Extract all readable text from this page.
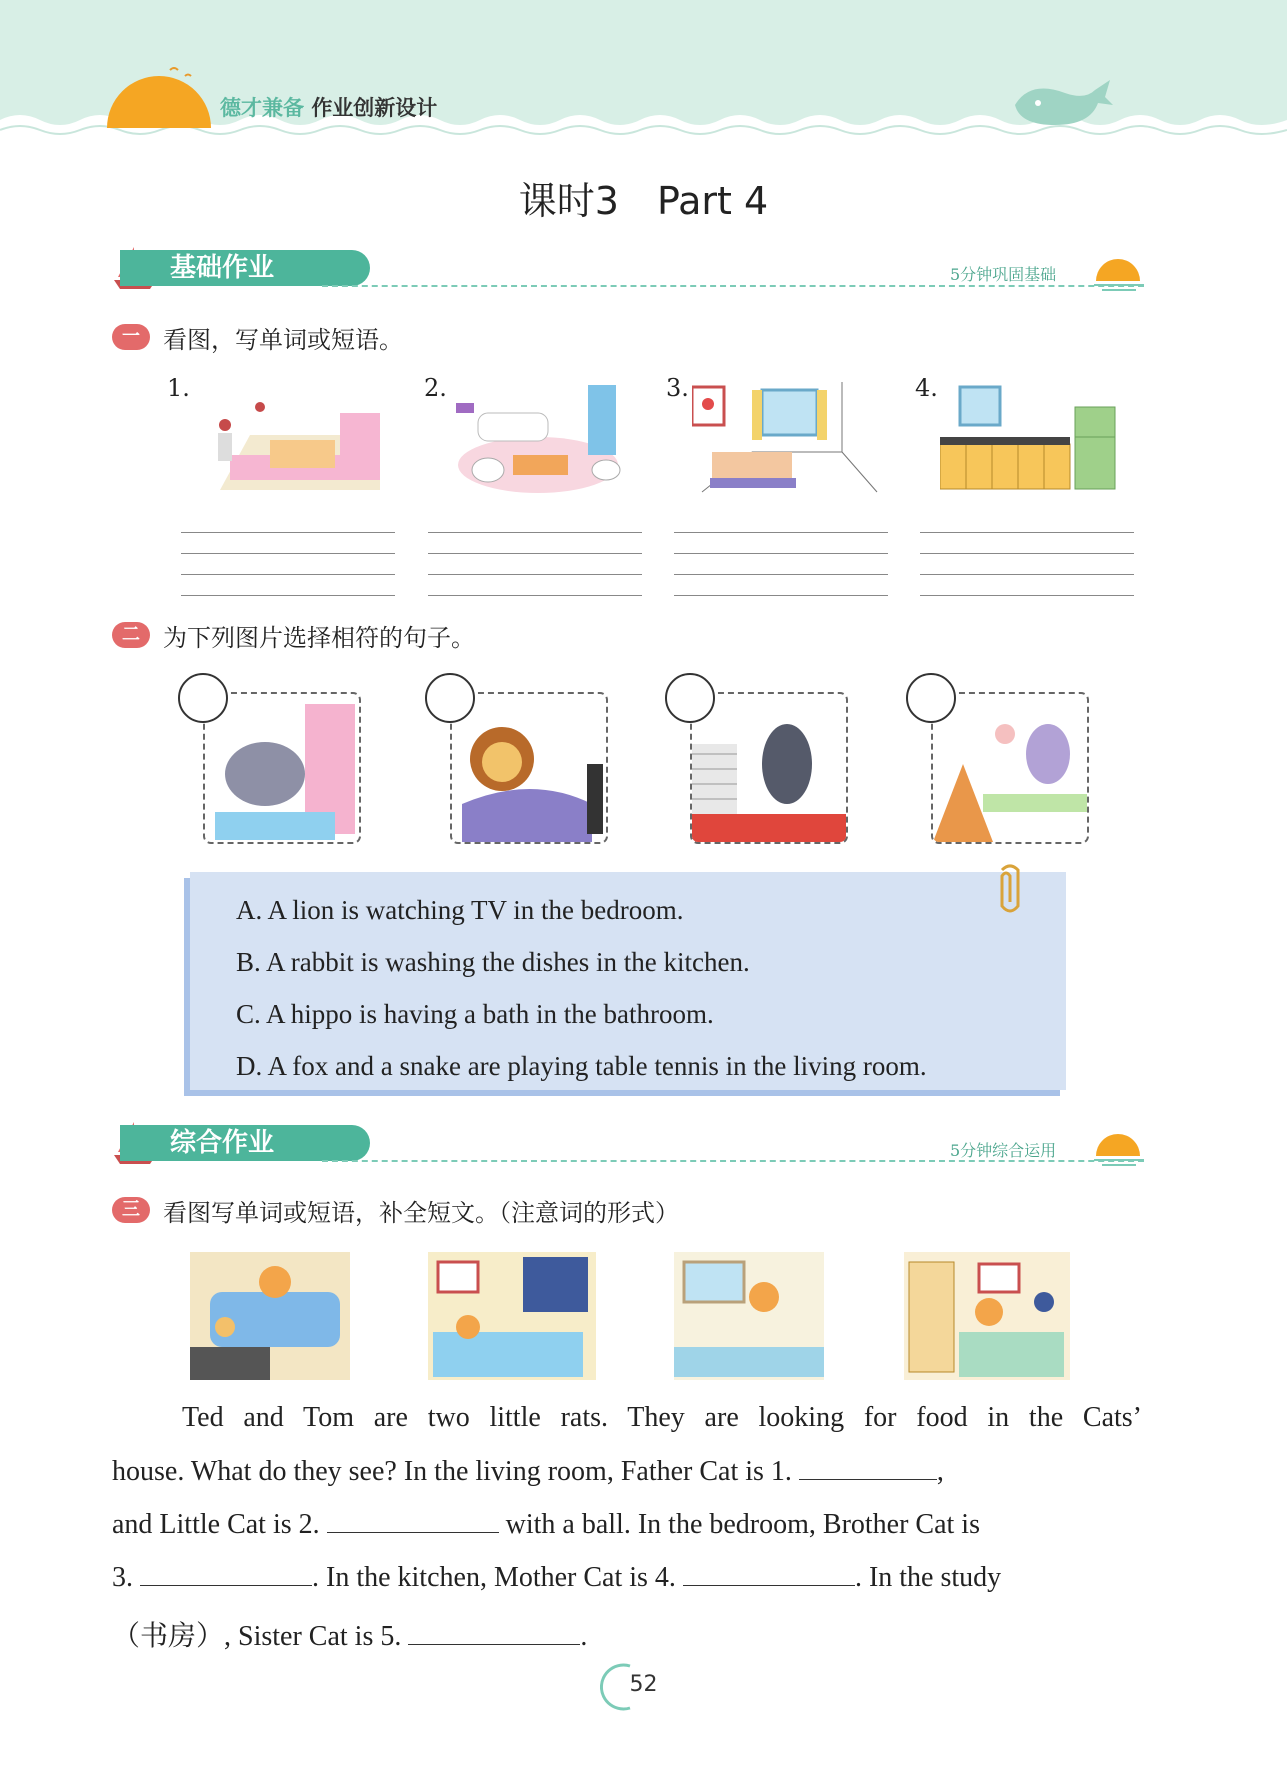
德才兼备 作业创新设计
课时3　Part 4
基础作业	5分钟巩固基础
一 看图，写单词或短语。
1.	2.	3.	4.
二 为下列图片选择相符的句子。
A. A lion is watching TV in the bedroom.
B. A rabbit is washing the dishes in the kitchen.
C. A hippo is having a bath in the bathroom.
D. A fox and a snake are playing table tennis in the living room.
综合作业	5分钟综合运用
三 看图写单词或短语，补全短文。（注意词的形式）
Ted and Tom are two little rats. They are looking for food in the Cats’
house. What do they see? In the living room, Father Cat is 1.	,
and Little Cat is 2.	with a ball. In the bedroom, Brother Cat is
3.	. In the kitchen, Mother Cat is 4.	. In the study
（书房）, Sister Cat is 5.	.
52
